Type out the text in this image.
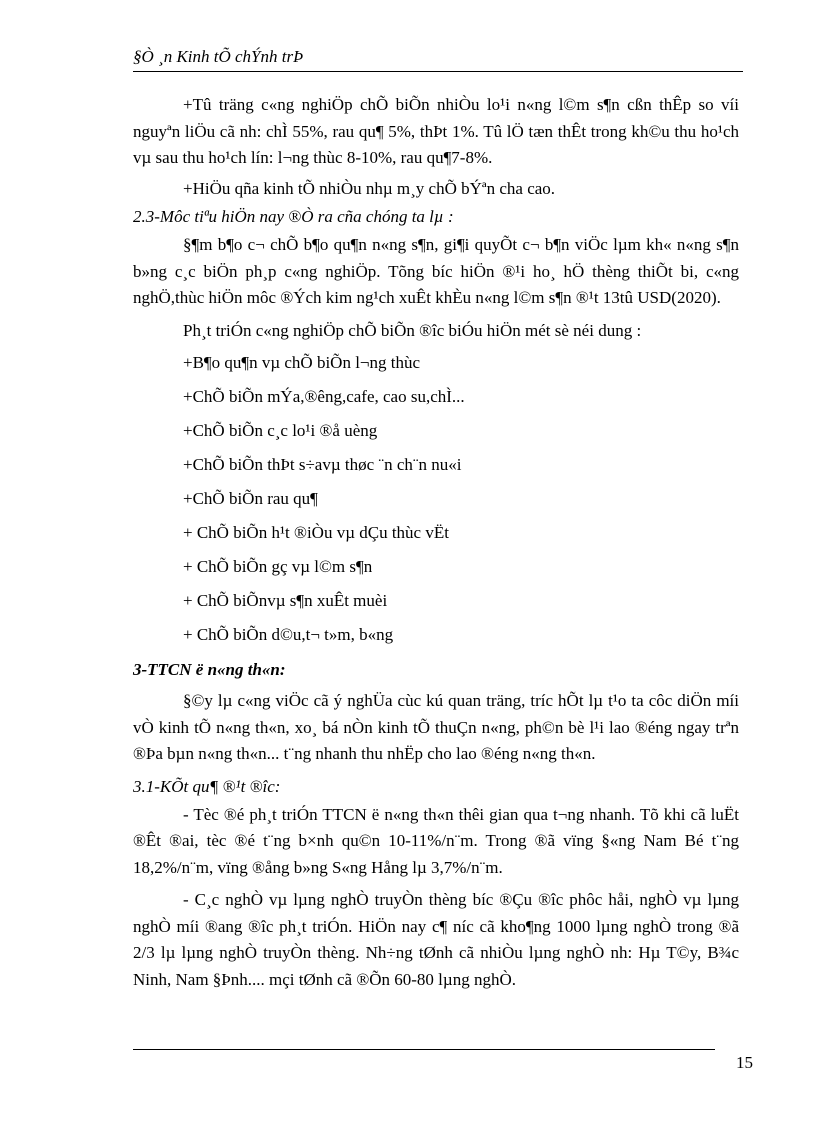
§Ò ¸n Kinh tÕ chÝnh trÞ

+Tû träng c«ng nghiÖp chÕ biÕn nhiÒu lo¹i n«ng l©m s¶n cßn thÊp so víi nguyªn liÖu cã nh: chÌ 55%, rau qu¶ 5%, thÞt 1%. Tû lÖ tæn thÊt trong kh©u thu ho¹ch vµ sau thu ho¹ch lín: l¬ng thùc 8-10%, rau qu¶7-8%.

+HiÖu qña kinh tÕ nhiÒu nhµ m¸y chÕ bÝªn cha cao.

2.3-Môc tiªu hiÖn nay ®Ò ra cña chóng ta lµ :

§¶m b¶o c¬ chÕ b¶o qu¶n n«ng s¶n, gi¶i quyÕt c¬ b¶n viÖc lµm kh« n«ng s¶n b»ng c¸c biÖn ph¸p c«ng nghiÖp. Tõng bíc hiÖn ®¹i ho¸ hÖ thèng thiÕt bi, c«ng nghÖ,thùc hiÖn môc ®Ých kim ng¹ch xuÊt khÈu n«ng l©m s¶n ®¹t 13tû USD(2020).

Ph¸t triÓn c«ng nghiÖp chÕ biÕn ®îc biÓu hiÖn mét sè néi dung :

+B¶o qu¶n vµ chÕ biÕn l¬ng thùc

+ChÕ biÕn mÝa,®êng,cafe, cao su,chÌ...

+ChÕ biÕn c¸c lo¹i ®å uèng

+ChÕ biÕn thÞt s÷avµ thøc ¨n ch¨n nu«i

+ChÕ biÕn rau qu¶

+ ChÕ biÕn h¹t ®iÒu vµ dÇu thùc vËt

+ ChÕ biÕn gç vµ l©m s¶n

+ ChÕ biÕnvµ s¶n xuÊt muèi

+ ChÕ biÕn d©u,t¬ t»m, b«ng

3-TTCN ë n«ng th«n:

§©y lµ c«ng viÖc cã ý nghÜa cùc kú quan träng, tríc hÕt lµ t¹o ta côc diÖn míi vÒ kinh tÕ n«ng th«n, xo¸ bá nÒn kinh tÕ thuÇn n«ng, ph©n bè l¹i lao ®éng ngay trªn ®Þa bµn n«ng th«n... t¨ng nhanh thu nhËp cho lao ®éng n«ng th«n.

3.1-KÕt qu¶ ®¹t ®îc:

- Tèc ®é ph¸t triÓn TTCN ë n«ng th«n thêi gian qua t¬ng nhanh. Tõ khi cã luËt ®Êt ®ai, tèc ®é t¨ng b×nh qu©n 10-11%/n¨m. Trong ®ã vïng §«ng Nam Bé t¨ng 18,2%/n¨m, vïng ®ång b»ng S«ng Hång lµ 3,7%/n¨m.

- C¸c nghÒ vµ lµng nghÒ truyÒn thèng bíc ®Çu ®îc phôc håi, nghÒ vµ lµng nghÒ míi ®ang ®îc ph¸t triÓn. HiÖn nay c¶ níc cã kho¶ng 1000 lµng nghÒ trong ®ã 2/3 lµ lµng nghÒ truyÒn thèng. Nh÷ng tØnh cã nhiÒu lµng nghÒ nh: Hµ T©y, B¾c Ninh, Nam §Þnh.... mçi tØnh cã ®Õn 60-80 lµng nghÒ.

15
